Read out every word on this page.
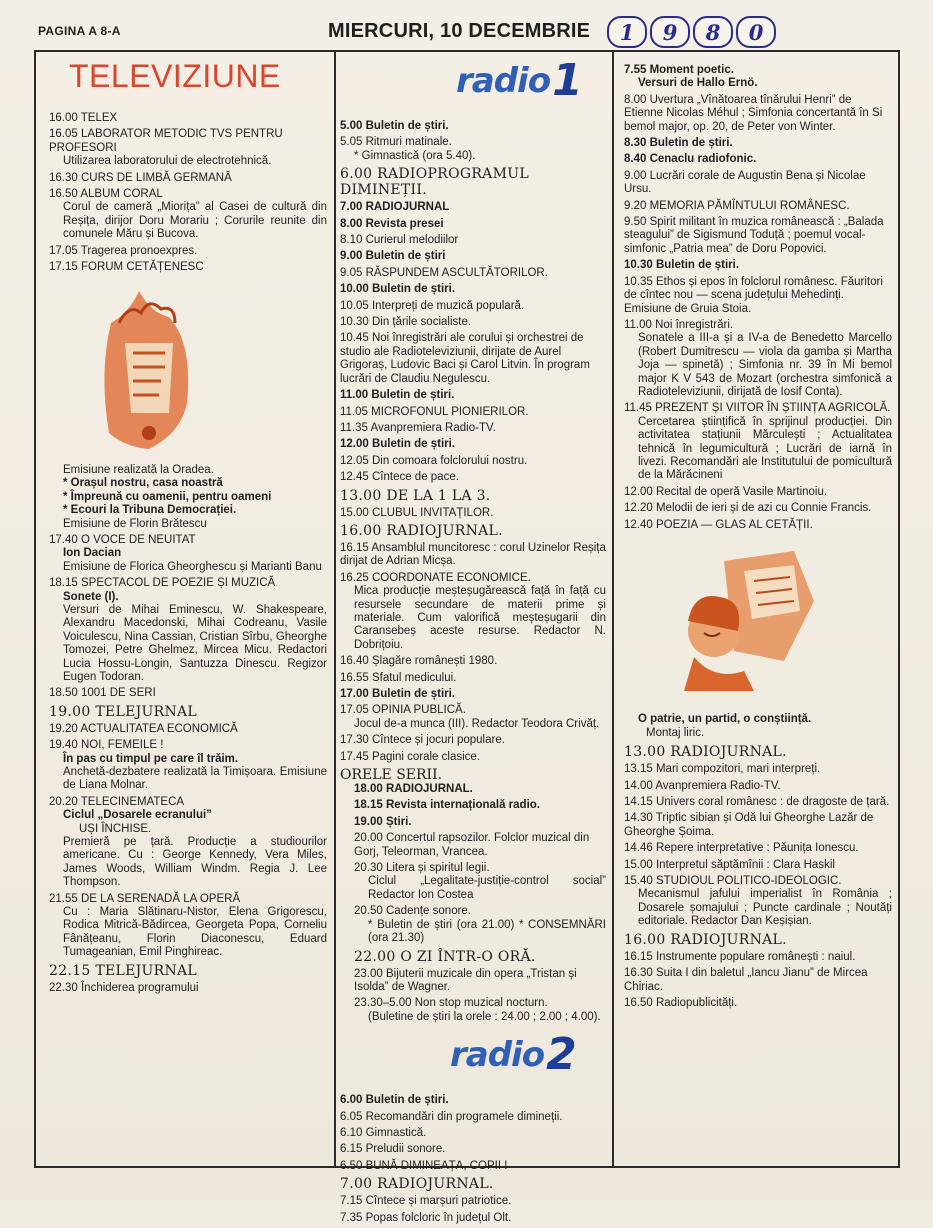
PAGINA A 8-A	MIERCURI, 10 DECEMBRIE	1	9	8	0
TELEVIZIUNE
16.00 TELEX
16.05 LABORATOR METODIC TVS PENTRU PROFESORI
Utilizarea laboratorului de electrotehnică.
16.30 CURS DE LIMBĂ GERMANĂ
16.50 ALBUM CORAL
Corul de cameră „Miorița” al Casei de cultură din Reșița, dirijor Doru Morariu ; Corurile reunite din comunele Măru și Bucova.
17.05 Tragerea pronoexpres.
17.15 FORUM CETĂȚENESC
Emisiune realizată la Oradea.
* Orașul nostru, casa noastră
* Împreună cu oamenii, pentru oameni
* Ecouri la Tribuna Democrației.
Emisiune de Florin Brătescu
17.40 O VOCE DE NEUITAT
Ion Dacian
Emisiune de Florica Gheorghescu și Marianti Banu
18.15 SPECTACOL DE POEZIE ȘI MUZICĂ
Sonete (I).
Versuri de Mihai Eminescu, W. Shakespeare, Alexandru Macedonski, Mihai Codreanu, Vasile Voiculescu, Nina Cassian, Cristian Sîrbu, Gheorghe Tomozei, Petre Ghelmez, Mircea Micu. Redactori Lucia Hossu-Longin, Santuzza Dinescu. Regizor Eugen Todoran.
18.50 1001 DE SERI
19.00 TELEJURNAL
19.20 ACTUALITATEA ECONOMICĂ
19.40 NOI, FEMEILE !
În pas cu timpul pe care îl trăim.
Anchetă-dezbatere realizată la Timișoara. Emisiune de Liana Molnar.
20.20 TELECINEMATECA
Ciclul „Dosarele ecranului”
UȘI ÎNCHISE.
Premieră pe țară. Producție a studiourilor americane. Cu : George Kennedy, Vera Miles, James Woods, William Windm. Regia J. Lee Thompson.
21.55 DE LA SERENADĂ LA OPERĂ
Cu : Maria Slătinaru-Nistor, Elena Grigorescu, Rodica Mitrică-Bădircea, Georgeta Popa, Corneliu Fânățeanu, Florin Diaconescu, Eduard Tumageanian, Emil Pinghireac.
22.15 TELEJURNAL
22.30 Închiderea programului
radio 1
5.00 Buletin de știri.
5.05 Ritmuri matinale.
* Gimnastică (ora 5.40).
6.00 RADIOPROGRAMUL DIMINEȚII.
7.00 RADIOJURNAL
8.00 Revista presei
8.10 Curierul melodiilor
9.00 Buletin de știri
9.05 RĂSPUNDEM ASCULTĂTORILOR.
10.00 Buletin de știri.
10.05 Interpreți de muzică populară.
10.30 Din țările socialiste.
10.45 Noi înregistrări ale corului și orchestrei de studio ale Radioteleviziunii, dirijate de Aurel Grigoraș, Ludovic Baci și Carol Litvin. În program lucrări de Claudiu Negulescu.
11.00 Buletin de știri.
11.05 MICROFONUL PIONIERILOR.
11.35 Avanpremiera Radio-TV.
12.00 Buletin de știri.
12.05 Din comoara folclorului nostru.
12.45 Cîntece de pace.
13.00 DE LA 1 LA 3.
15.00 CLUBUL INVITAȚILOR.
16.00 RADIOJURNAL.
16.15 Ansamblul muncitoresc : corul Uzinelor Reșița dirijat de Adrian Micșa.
16.25 COORDONATE ECONOMICE.
Mica producție meșteșugărească față în față cu resursele secundare de materii prime și materiale. Cum valorifică meșteșugarii din Caransebeș aceste resurse. Redactor N. Dobrițoiu.
16.40 Șlagăre românești 1980.
16.55 Sfatul medicului.
17.00 Buletin de știri.
17.05 OPINIA PUBLICĂ.
Jocul de-a munca (III). Redactor Teodora Crivăț.
17.30 Cîntece și jocuri populare.
17.45 Pagini corale clasice.
ORELE SERII.
18.00 RADIOJURNAL.
18.15 Revista internațională radio.
19.00 Știri.
20.00 Concertul rapsozilor. Folclor muzical din Gorj, Teleorman, Vrancea.
20.30 Litera și spiritul legii.
Ciclul „Legalitate-justiție-control social” Redactor Ion Costea
20.50 Cadențe sonore.
* Buletin de știri (ora 21.00) * CONSEMNĂRI (ora 21.30)
22.00 O ZI ÎNTR-O ORĂ.
23.00 Bijuterii muzicale din opera „Tristan și Isolda” de Wagner.
23.30–5.00 Non stop muzical nocturn.
(Buletine de știri la orele : 24.00 ; 2.00 ; 4.00).
radio 2
6.00 Buletin de știri.
6.05 Recomandări din programele dimineții.
6.10 Gimnastică.
6.15 Preludii sonore.
6.50 BUNĂ DIMINEAȚA, COPII !
7.00 RADIOJURNAL.
7.15 Cîntece și marșuri patriotice.
7.35 Popas folcloric în județul Olt.
7.55 Moment poetic.
Versuri de Hallo Ernö.
8.00 Uvertura „Vînătoarea tînărului Henri” de Etienne Nicolas Méhul ; Simfonia concertantă în Si bemol major, op. 20, de Peter von Winter.
8.30 Buletin de știri.
8.40 Cenaclu radiofonic.
9.00 Lucrări corale de Augustin Bena și Nicolae Ursu.
9.20 MEMORIA PĂMÎNTULUI ROMÂNESC.
9.50 Spirit militant în muzica românească : „Balada steagului” de Sigismund Toduță ; poemul vocal-simfonic „Patria mea” de Doru Popovici.
10.30 Buletin de știri.
10.35 Ethos și epos în folclorul românesc. Făuritori de cîntec nou — scena județului Mehedinți. Emisiune de Gruia Stoia.
11.00 Noi înregistrări.
Sonatele a III-a și a IV-a de Benedetto Marcello (Robert Dumitrescu — viola da gamba și Martha Joja — spinetă) ; Simfonia nr. 39 în Mi bemol major K V 543 de Mozart (orchestra simfonică a Radioteleviziunii, dirijată de Iosif Conta).
11.45 PREZENT ȘI VIITOR ÎN ȘTIINȚA AGRICOLĂ.
Cercetarea științifică în sprijinul producției. Din activitatea stațiunii Mărculești ; Actualitatea tehnică în legumicultură ; Lucrări de iarnă în livezi. Recomandări ale Institutului de pomicultură de la Mărăcineni
12.00 Recital de operă Vasile Martinoiu.
12.20 Melodii de ieri și de azi cu Connie Francis.
12.40 POEZIA — GLAS AL CETĂȚII.
O patrie, un partid, o conștiință.
Montaj liric.
13.00 RADIOJURNAL.
13.15 Mari compozitori, mari interpreți.
14.00 Avanpremiera Radio-TV.
14.15 Univers coral românesc : de dragoste de țară.
14.30 Triptic sibian și Odă lui Gheorghe Lazăr de Gheorghe Șoima.
14.46 Repere interpretative : Păunița Ionescu.
15.00 Interpretul săptămînii : Clara Haskil
15.40 STUDIOUL POLITICO-IDEOLOGIC.
Mecanismul jafului imperialist în România ; Dosarele șomajului ; Puncte cardinale ; Noutăți editoriale. Redactor Dan Keșișian.
16.00 RADIOJURNAL.
16.15 Instrumente populare românești : naiul.
16.30 Suita I din baletul „Iancu Jianu” de Mircea Chiriac.
16.50 Radiopublicități.
